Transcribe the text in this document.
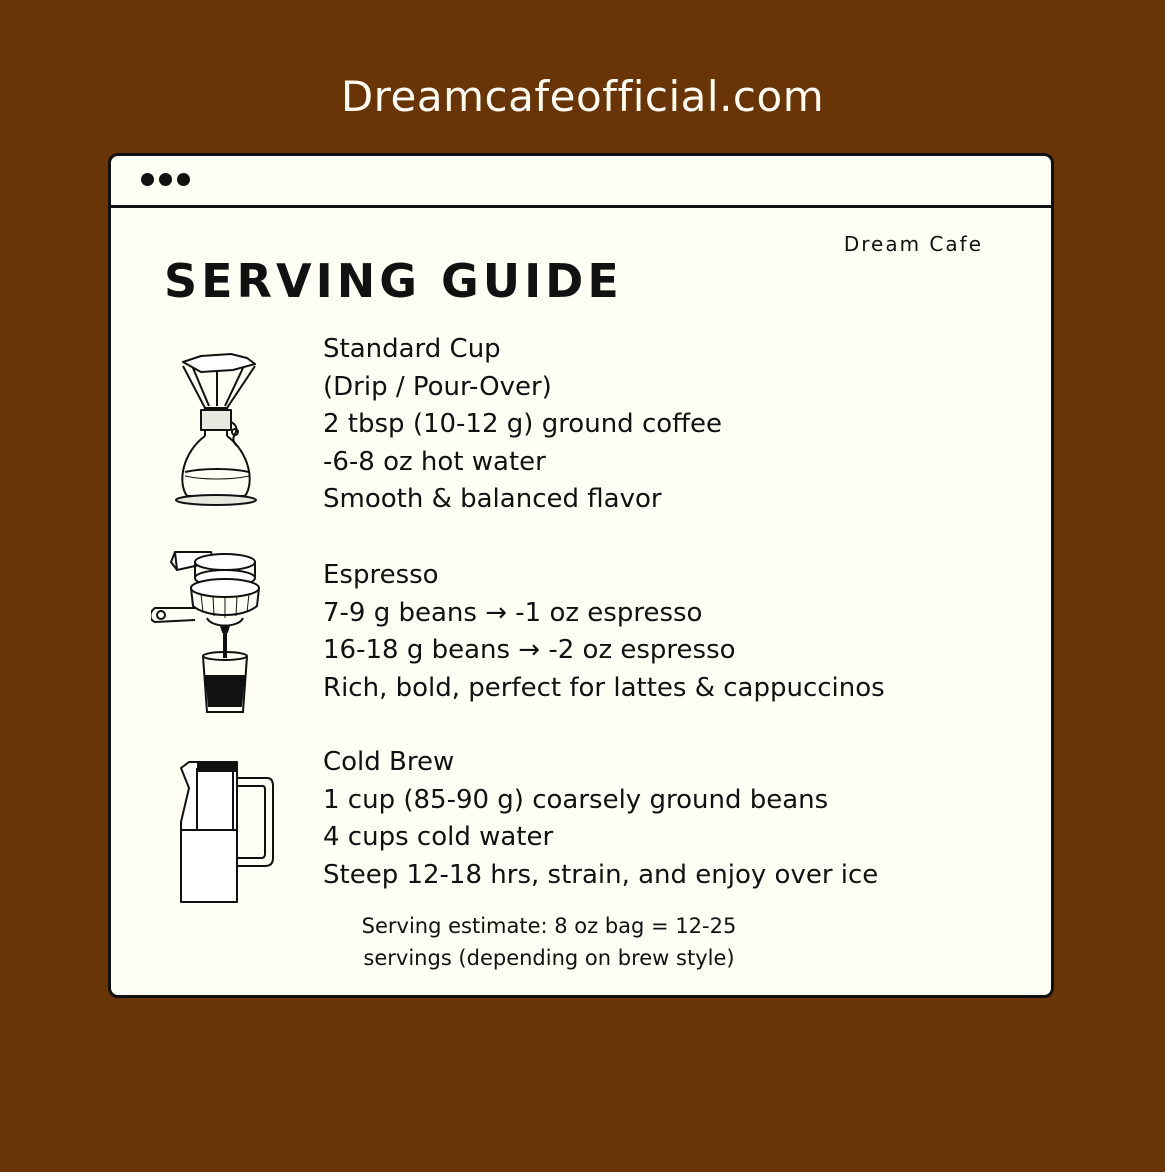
Dreamcafeofficial.com
Dream Cafe
SERVING GUIDE
Standard Cup
(Drip / Pour-Over)
2 tbsp (10-12 g) ground coffee
-6-8 oz hot water
Smooth & balanced flavor
Espresso
7-9 g beans → -1 oz espresso
16-18 g beans → -2 oz espresso
Rich, bold, perfect for lattes & cappuccinos
Cold Brew
1 cup (85-90 g) coarsely ground beans
4 cups cold water
Steep 12-18 hrs, strain, and enjoy over ice
Serving estimate: 8 oz bag = 12-25
servings (depending on brew style)
